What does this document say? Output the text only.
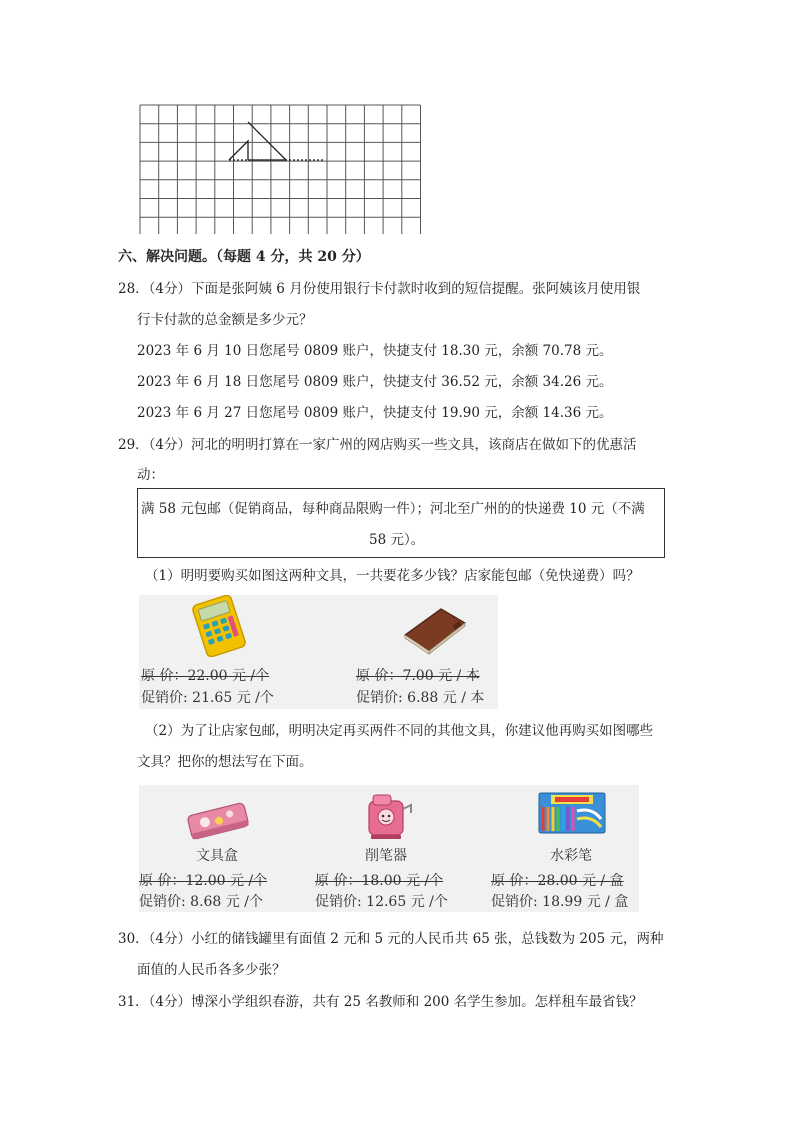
六、解决问题。（每题 4 分，共 20 分）
28．（4分）下面是张阿姨 6 月份使用银行卡付款时收到的短信提醒。张阿姨该月使用银
行卡付款的总金额是多少元？
2023 年 6 月 10 日您尾号 0809 账户，快捷支付 18.30 元，余额 70.78 元。
2023 年 6 月 18 日您尾号 0809 账户，快捷支付 36.52 元，余额 34.26 元。
2023 年 6 月 27 日您尾号 0809 账户，快捷支付 19.90 元，余额 14.36 元。
29．（4分）河北的明明打算在一家广州的网店购买一些文具，该商店在做如下的优惠活
动：
满 58 元包邮（促销商品，每种商品限购一件）；河北至广州的的快递费 10 元（不满
58 元）。
（1）明明要购买如图这两种文具，一共要花多少钱？店家能包邮（免快递费）吗？
原 价：22.00 元 /个
促销价: 21.65 元 /个
原 价：7.00 元 / 本
促销价: 6.88 元 / 本
（2）为了让店家包邮，明明决定再买两件不同的其他文具，你建议他再购买如图哪些
文具？把你的想法写在下面。
文具盒	削笔器	水彩笔
原 价：12.00 元 /个
促销价: 8.68 元 /个
原 价：18.00 元 /个
促销价: 12.65 元 /个
原 价：28.00 元 / 盒
促销价: 18.99 元 / 盒
30．（4分）小红的储钱罐里有面值 2 元和 5 元的人民币共 65 张，总钱数为 205 元，两种
面值的人民币各多少张？
31．（4分）博深小学组织春游，共有 25 名教师和 200 名学生参加。怎样租车最省钱？
